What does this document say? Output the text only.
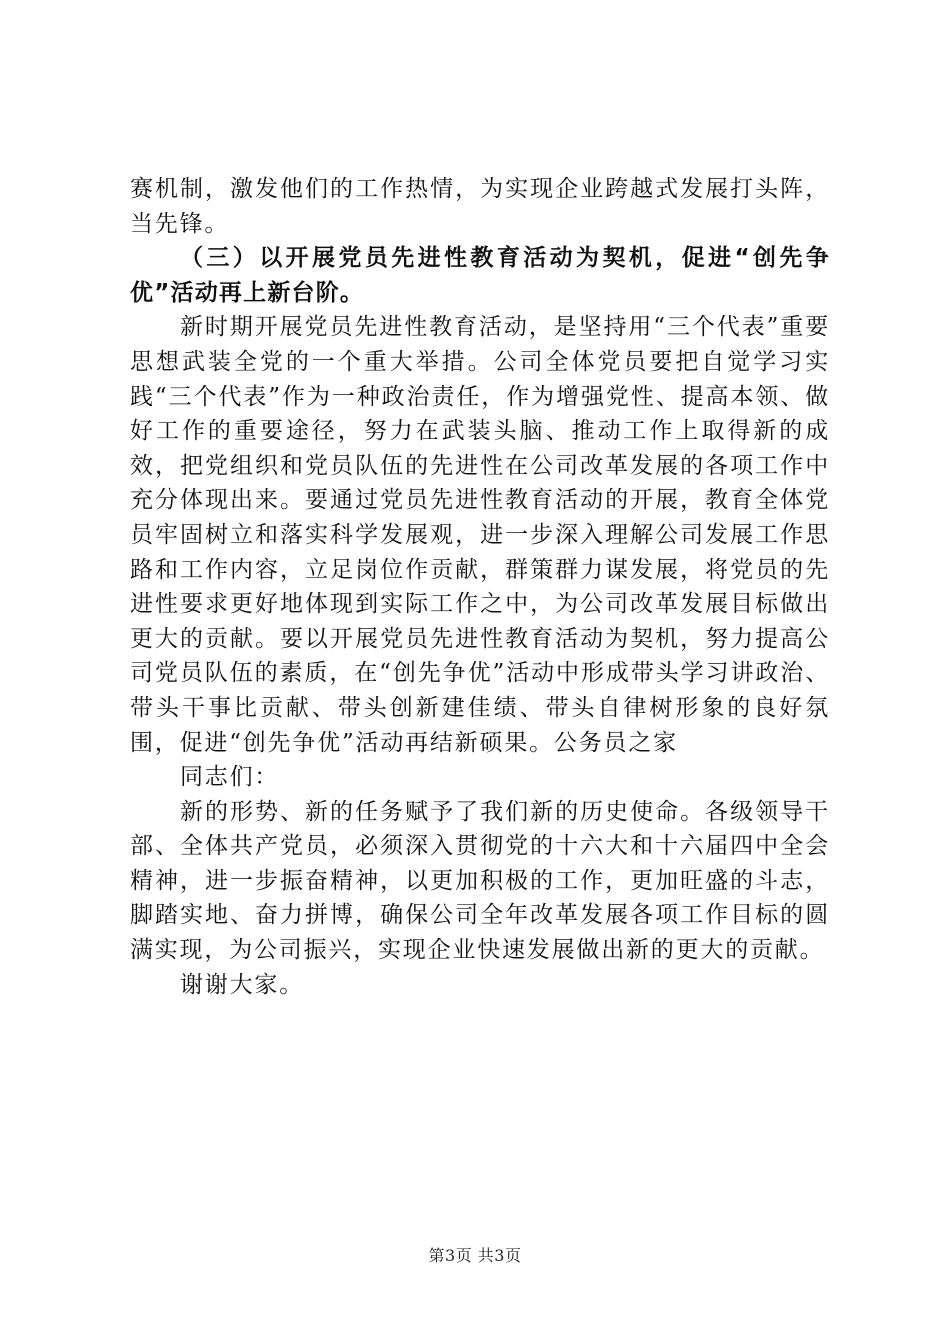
赛机制，激发他们的工作热情，为实现企业跨越式发展打头阵，当先锋。

（三）以开展党员先进性教育活动为契机，促进“创先争优”活动再上新台阶。

新时期开展党员先进性教育活动，是坚持用“三个代表”重要思想武装全党的一个重大举措。公司全体党员要把自觉学习实践“三个代表”作为一种政治责任，作为增强党性、提高本领、做好工作的重要途径，努力在武装头脑、推动工作上取得新的成效，把党组织和党员队伍的先进性在公司改革发展的各项工作中充分体现出来。要通过党员先进性教育活动的开展，教育全体党员牢固树立和落实科学发展观，进一步深入理解公司发展工作思路和工作内容，立足岗位作贡献，群策群力谋发展，将党员的先进性要求更好地体现到实际工作之中，为公司改革发展目标做出更大的贡献。要以开展党员先进性教育活动为契机，努力提高公司党员队伍的素质，在“创先争优”活动中形成带头学习讲政治、带头干事比贡献、带头创新建佳绩、带头自律树形象的良好氛围，促进“创先争优”活动再结新硕果。公务员之家

同志们：

新的形势、新的任务赋予了我们新的历史使命。各级领导干部、全体共产党员，必须深入贯彻党的十六大和十六届四中全会精神，进一步振奋精神，以更加积极的工作，更加旺盛的斗志，脚踏实地、奋力拼博，确保公司全年改革发展各项工作目标的圆满实现，为公司振兴，实现企业快速发展做出新的更大的贡献。

谢谢大家。

第3页 共3页
